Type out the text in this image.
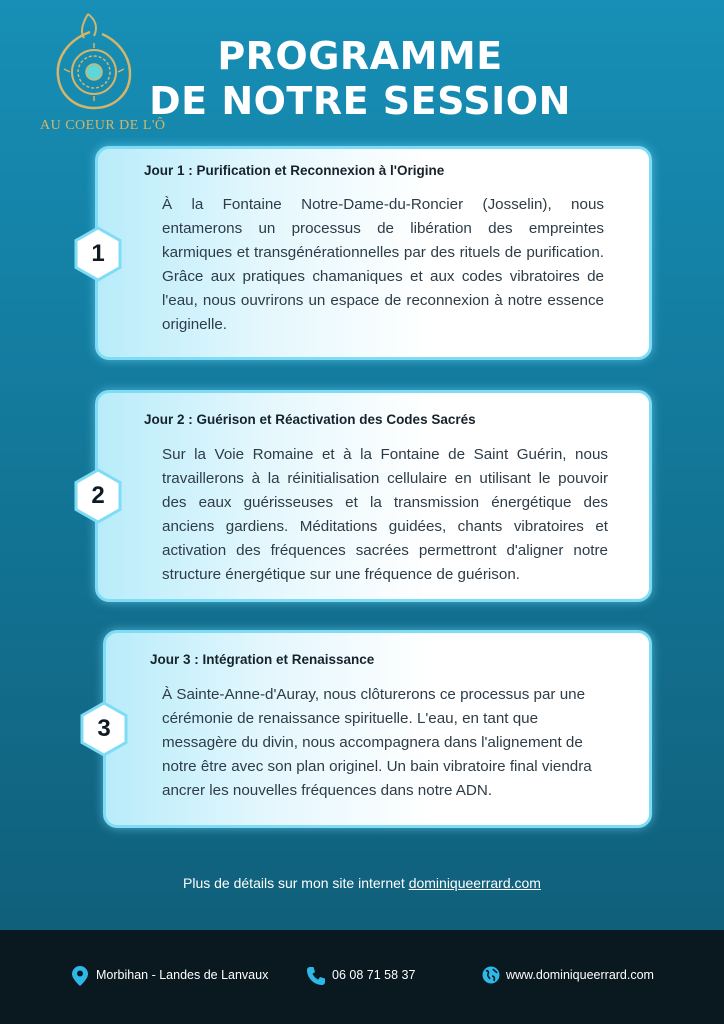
AU COEUR DE L'Ô
PROGRAMME
DE NOTRE SESSION
Jour 1 : Purification et Reconnexion à l'Origine
À la Fontaine Notre-Dame-du-Roncier (Josselin), nous entamerons un processus de libération des empreintes karmiques et transgénérationnelles par des rituels de purification. Grâce aux pratiques chamaniques et aux codes vibratoires de l'eau, nous ouvrirons un espace de reconnexion à notre essence originelle.
1
Jour 2 : Guérison et Réactivation des Codes Sacrés
Sur la Voie Romaine et à la Fontaine de Saint Guérin, nous travaillerons à la réinitialisation cellulaire en utilisant le pouvoir des eaux guérisseuses et la transmission énergétique des anciens gardiens. Méditations guidées, chants vibratoires et activation des fréquences sacrées permettront d'aligner notre structure énergétique sur une fréquence de guérison.
2
Jour 3 : Intégration et Renaissance
À Sainte-Anne-d'Auray, nous clôturerons ce processus par une cérémonie de renaissance spirituelle. L'eau, en tant que messagère du divin, nous accompagnera dans l'alignement de notre être avec son plan originel. Un bain vibratoire final viendra ancrer les nouvelles fréquences dans notre ADN.
3
Plus de détails sur mon site internet dominiqueerrard.com
Morbihan - Landes de Lanvaux	06 08 71 58 37	www.dominiqueerrard.com
